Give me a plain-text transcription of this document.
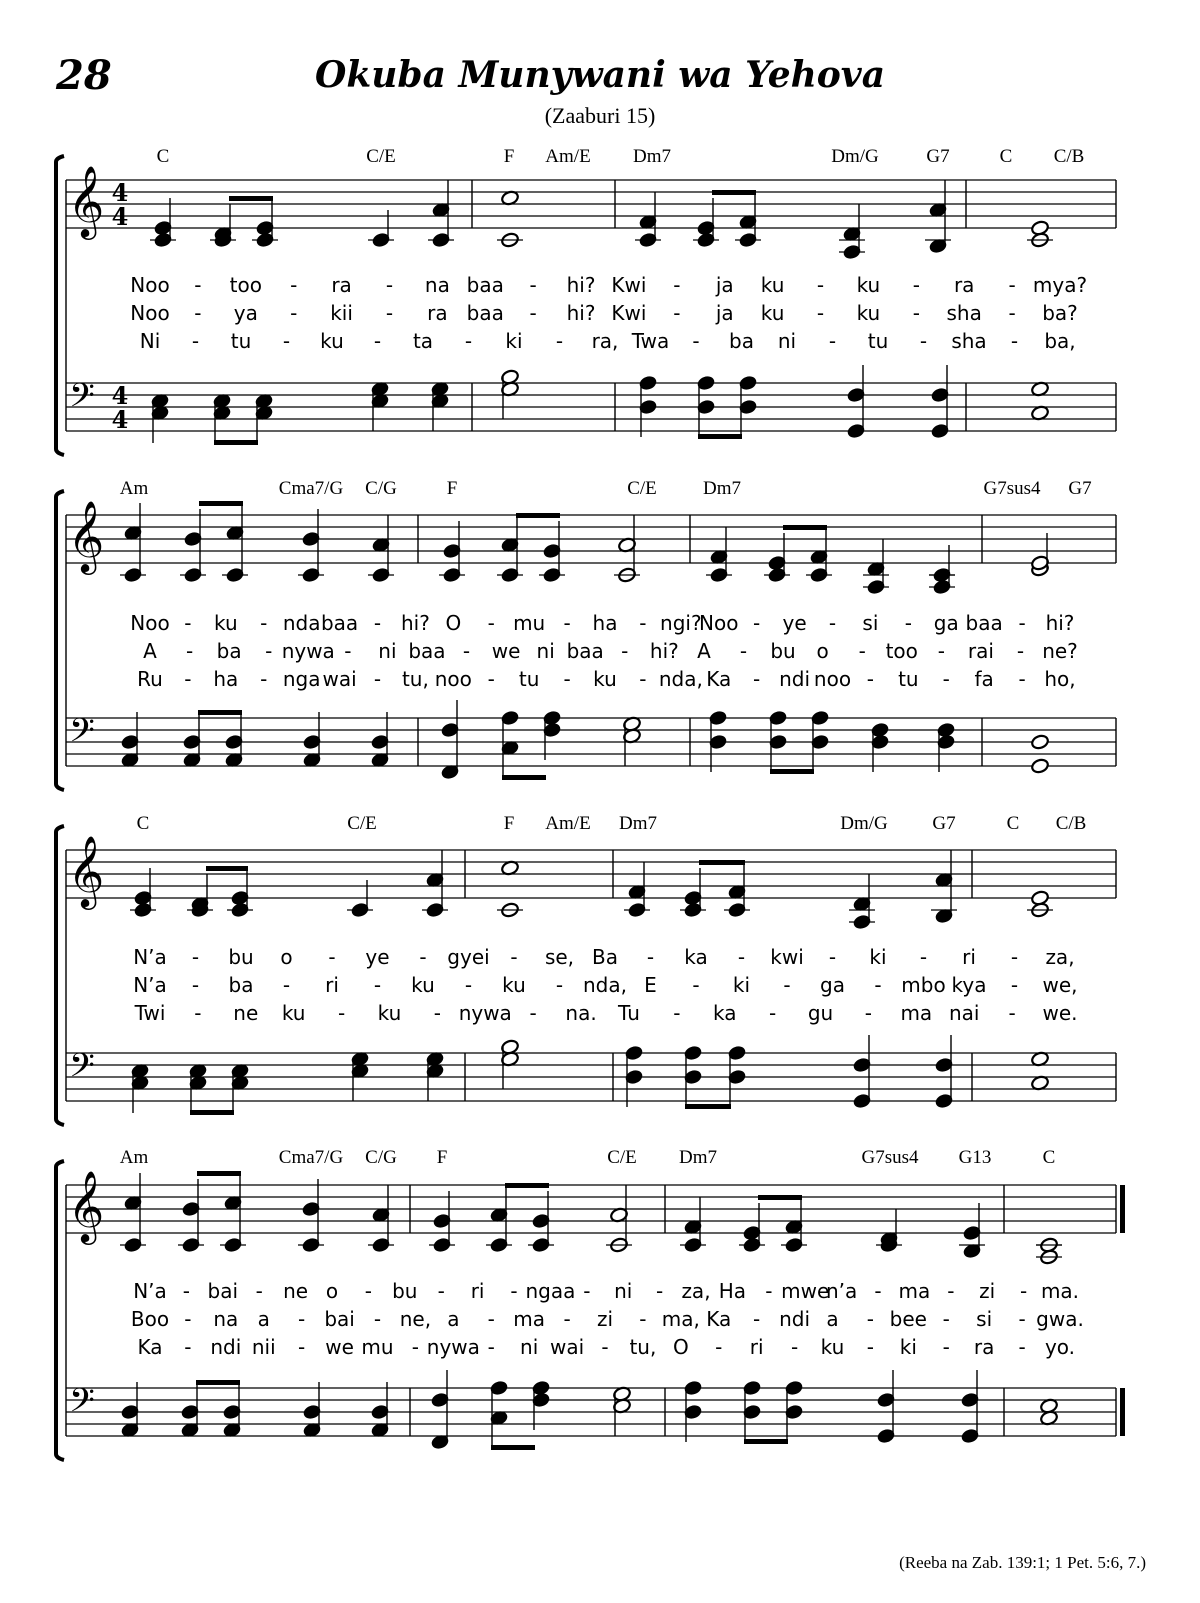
28	Okuba Munywani wa Yehova
(Zaaburi 15)
𝄞
𝄢
4
4
4
4
C	C/E	F Am/E Dm7	Dm/G	G7	C C/B
Noo - too - ra - na baa - hi? Kwi - ja ku - ku - ra - mya?
Noo - ya - kii - ra baa - hi? Kwi - ja ku - ku - sha - ba?
Ni - tu - ku - ta - ki - ra, Twa - ba ni - tu - sha - ba,
𝄞
𝄢
Am	Cma7/G C/G	F	C/E Dm7	G7sus4 G7
Noo - ku - nda baa - hi? O - mu - ha - ngi?
Noo - ye - si - ga baa - hi?
A - ba - nywa - ni baa - we ni baa - hi? A - bu o - too - rai - ne?
Ru - ha - nga wai - tu, noo - tu - ku - nda, Ka - ndi noo - tu - fa - ho,
𝄞
𝄢
C	C/E	F Am/E Dm7	Dm/G G7	C C/B
N’a - bu o - ye - gyei - se, Ba - ka - kwi - ki - ri - za,
N’a - ba - ri - ku - ku - nda, E - ki - ga - mbo kya - we,
Twi - ne ku - ku - nywa - na. Tu - ka - gu - ma nai - we.
𝄞
𝄢
Am	Cma7/G C/G F	C/E Dm7	G7sus4 G13	C
N’a - bai - ne o - bu - ri - ngaa - ni - za, Ha - mwe
n’a - ma - zi - ma.
Boo - na a - bai - ne, a - ma - zi - ma, Ka - ndi a - bee - si - gwa.
Ka - ndi nii - we mu - nywa - ni wai - tu, O - ri - ku - ki - ra - yo.
(Reeba na Zab. 139:1; 1 Pet. 5:6, 7.)
